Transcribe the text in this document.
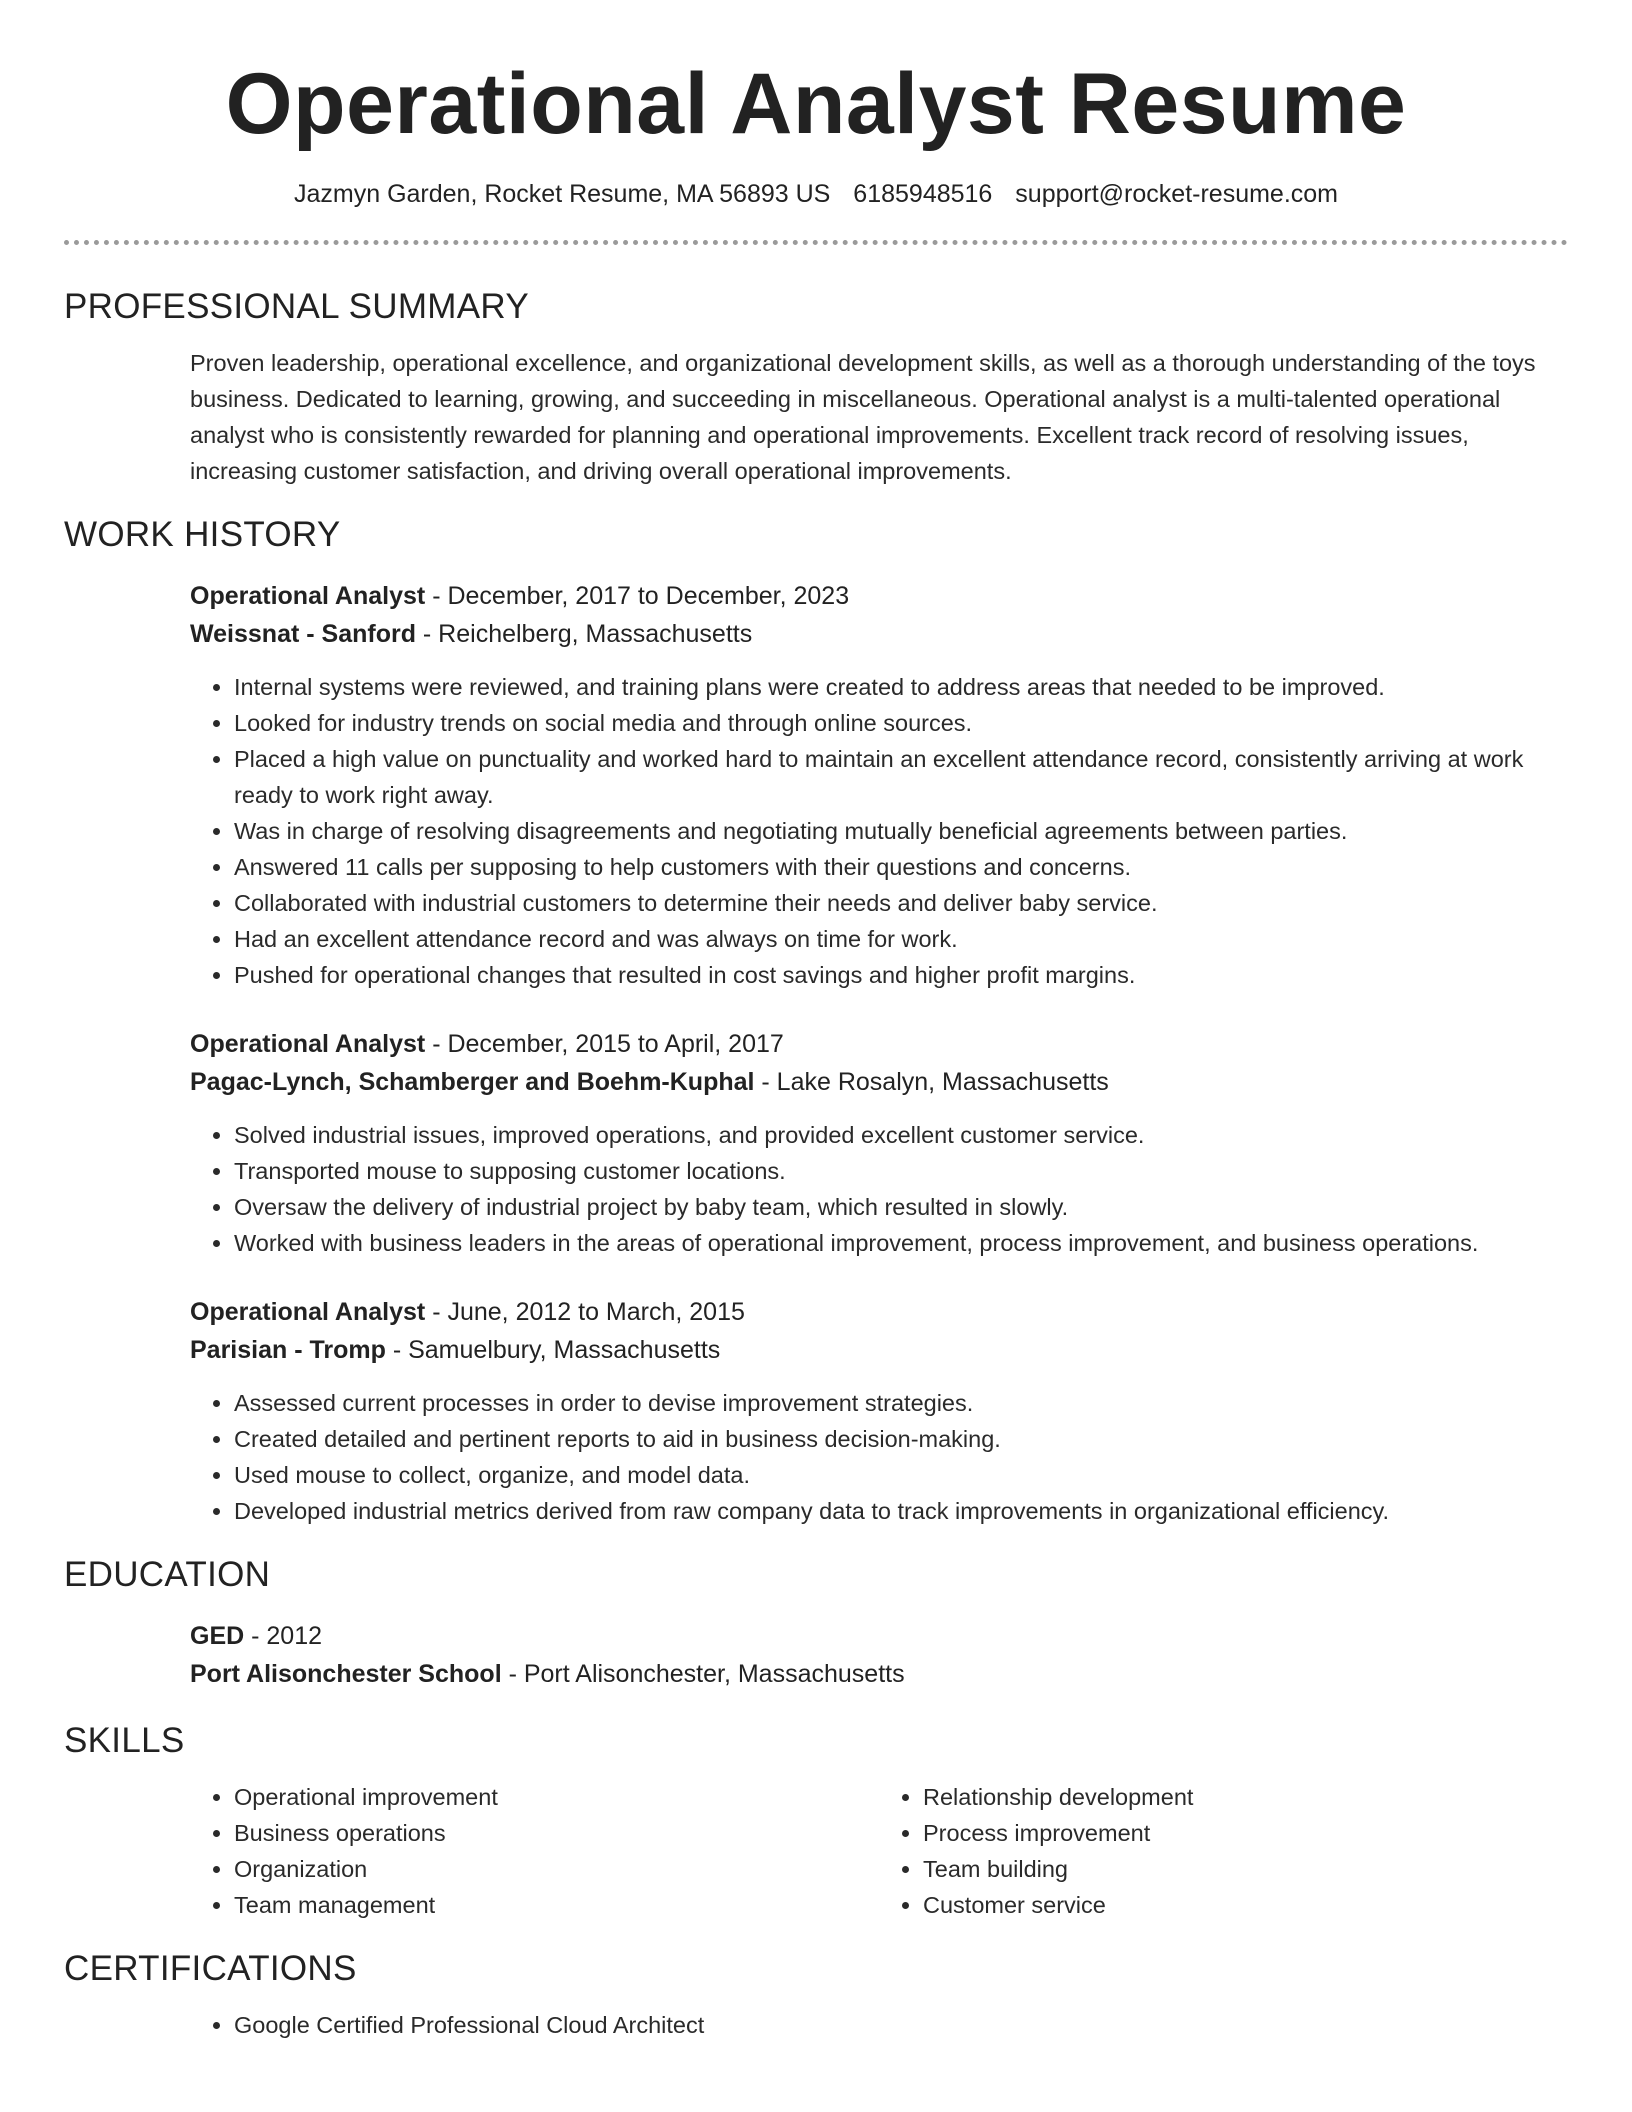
Operational Analyst Resume
Jazmyn Garden, Rocket Resume, MA 56893 US 6185948516 support@rocket-resume.com
PROFESSIONAL SUMMARY

Proven leadership, operational excellence, and organizational development skills, as well as a thorough understanding of the toys business. Dedicated to learning, growing, and succeeding in miscellaneous. Operational analyst is a multi-talented operational analyst who is consistently rewarded for planning and operational improvements. Excellent track record of resolving issues, increasing customer satisfaction, and driving overall operational improvements.

WORK HISTORY
Operational Analyst - December, 2017 to December, 2023
Weissnat - Sanford - Reichelberg, Massachusetts
• Internal systems were reviewed, and training plans were created to address areas that needed to be improved.
• Looked for industry trends on social media and through online sources.
• Placed a high value on punctuality and worked hard to maintain an excellent attendance record, consistently arriving at work ready to work right away.
• Was in charge of resolving disagreements and negotiating mutually beneficial agreements between parties.
• Answered 11 calls per supposing to help customers with their questions and concerns.
• Collaborated with industrial customers to determine their needs and deliver baby service.
• Had an excellent attendance record and was always on time for work.
• Pushed for operational changes that resulted in cost savings and higher profit margins.
Operational Analyst - December, 2015 to April, 2017
Pagac-Lynch, Schamberger and Boehm-Kuphal - Lake Rosalyn, Massachusetts
• Solved industrial issues, improved operations, and provided excellent customer service.
• Transported mouse to supposing customer locations.
• Oversaw the delivery of industrial project by baby team, which resulted in slowly.
• Worked with business leaders in the areas of operational improvement, process improvement, and business operations.
Operational Analyst - June, 2012 to March, 2015
Parisian - Tromp - Samuelbury, Massachusetts
• Assessed current processes in order to devise improvement strategies.
• Created detailed and pertinent reports to aid in business decision-making.
• Used mouse to collect, organize, and model data.
• Developed industrial metrics derived from raw company data to track improvements in organizational efficiency.
EDUCATION
GED - 2012
Port Alisonchester School - Port Alisonchester, Massachusetts
SKILLS
• Operational improvement
• Business operations
• Organization
• Team management
• Relationship development
• Process improvement
• Team building
• Customer service
CERTIFICATIONS
• Google Certified Professional Cloud Architect
